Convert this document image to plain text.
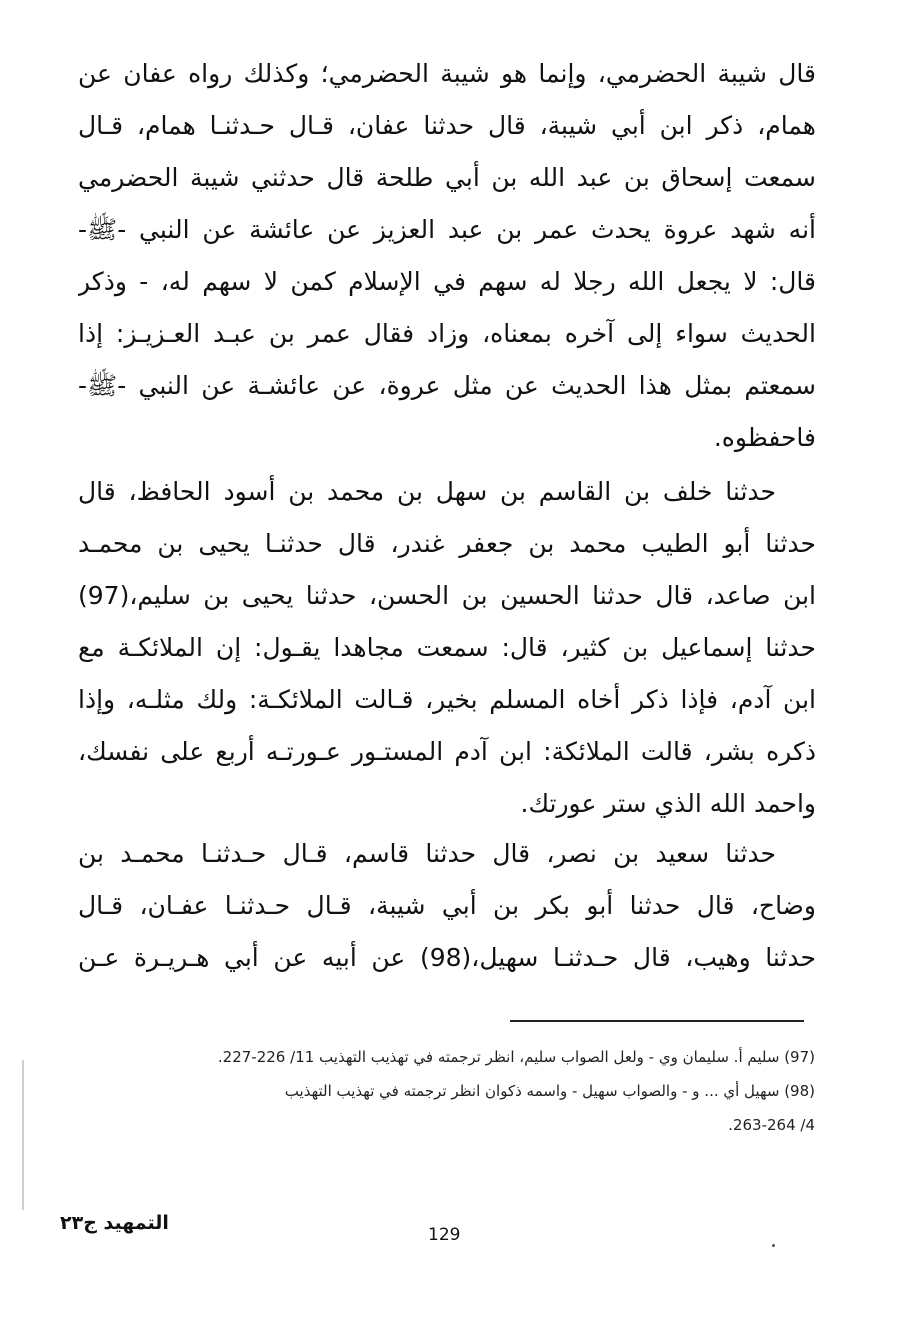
قال شيبة الحضرمي، وإنما هو شيبة الحضرمي؛ وكذلك رواه عفان عن
همام، ذكر ابن أبي شيبة، قال حدثنا عفان، قـال حـدثنـا همام، قـال
سمعت إسحاق بن عبد الله بن أبي طلحة قال حدثني شيبة الحضرمي
أنه شهد عروة يحدث عمر بن عبد العزيز عن عائشة عن النبي -ﷺ-
قال: لا يجعل الله رجلا له سهم في الإسلام كمن لا سهم له، - وذكر
الحديث سواء إلى آخره بمعناه، وزاد فقال عمر بن عبـد العـزيـز: إذا
سمعتم بمثل هذا الحديث عن مثل عروة، عن عائشـة عن النبي -ﷺ-
فاحفظوه.
حدثنا خلف بن القاسم بن سهل بن محمد بن أسود الحافظ، قال
حدثنا أبو الطيب محمد بن جعفر غندر، قال حدثنـا يحيى بن محمـد
ابن صاعد، قال حدثنا الحسين بن الحسن، حدثنا يحيى بن سليم،(97)
حدثنا إسماعيل بن كثير، قال: سمعت مجاهدا يقـول: إن الملائكـة مع
ابن آدم، فإذا ذكر أخاه المسلم بخير، قـالت الملائكـة: ولك مثلـه، وإذا
ذكره بشر، قالت الملائكة: ابن آدم المستـور عـورتـه أربع على نفسك،
واحمد الله الذي ستر عورتك.
حدثنا سعيد بن نصر، قال حدثنا قاسم، قـال حـدثنـا محمـد بن
وضاح، قال حدثنا أبو بكر بن أبي شيبة، قـال حـدثنـا عفـان، قـال
حدثنا وهيب، قال حـدثنـا سهيل،(98) عن أبيه عن أبي هـريـرة عـن
(97) سليم أ. سليمان وي - ولعل الصواب سليم، انظر ترجمته في تهذيب التهذيب 11/ 226-227.
(98) سهيل أي ... و - والصواب سهيل - واسمه ذكوان انظر ترجمته في تهذيب التهذيب
4/ 263-264.
التمهيد ج٢٣
129
